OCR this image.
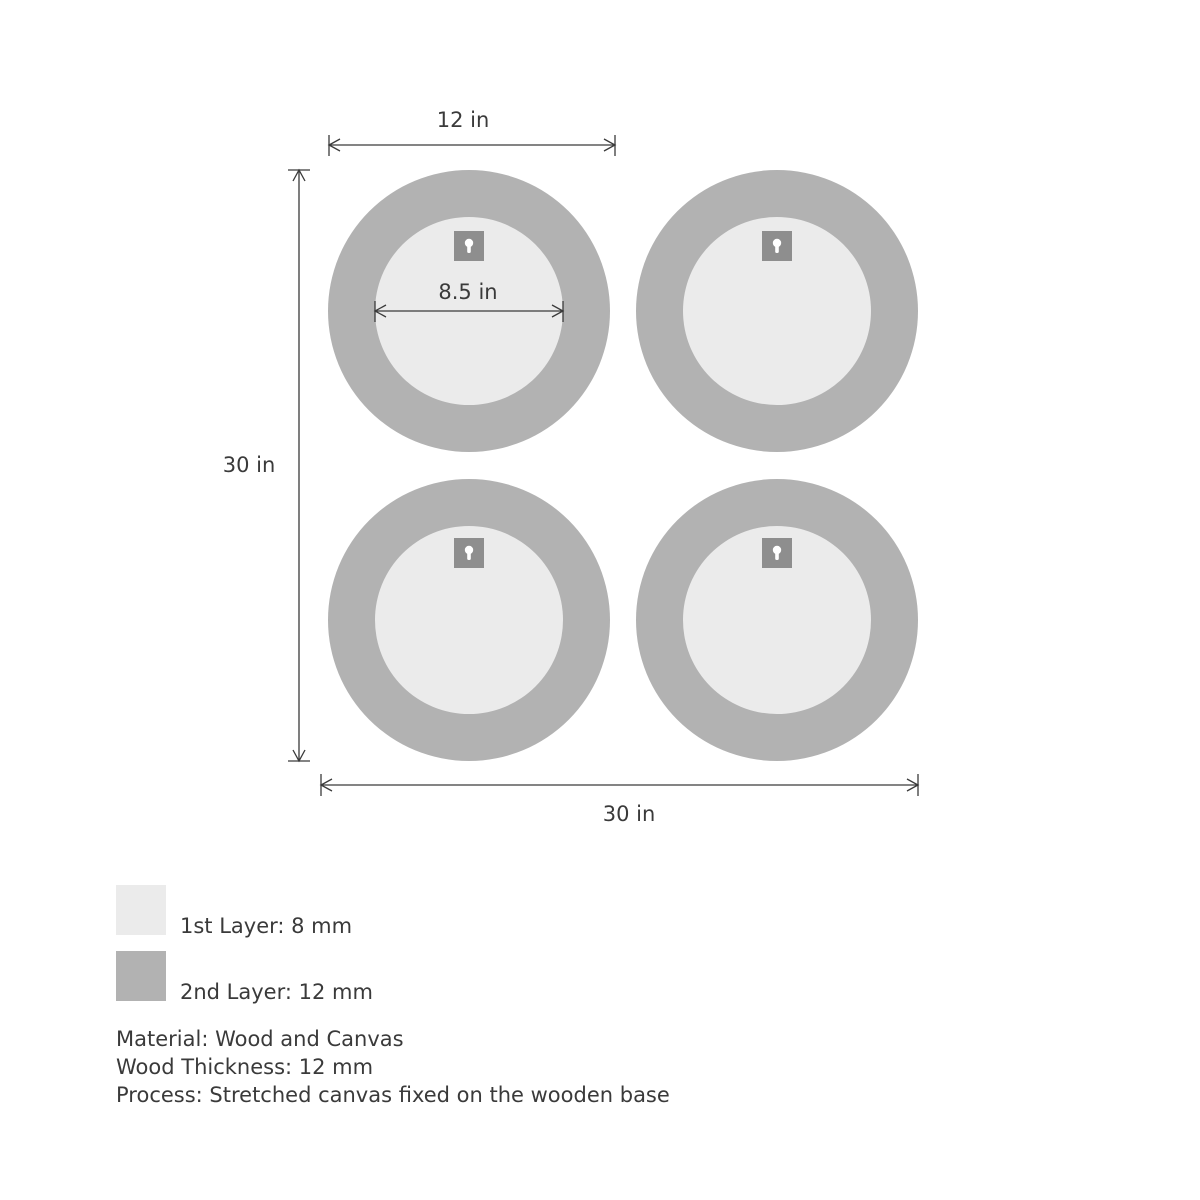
12 in
8.5 in
30 in
30 in
1st Layer: 8 mm
2nd Layer: 12 mm
Material: Wood and Canvas
Wood Thickness: 12 mm
Process: Stretched canvas fixed on the wooden base
